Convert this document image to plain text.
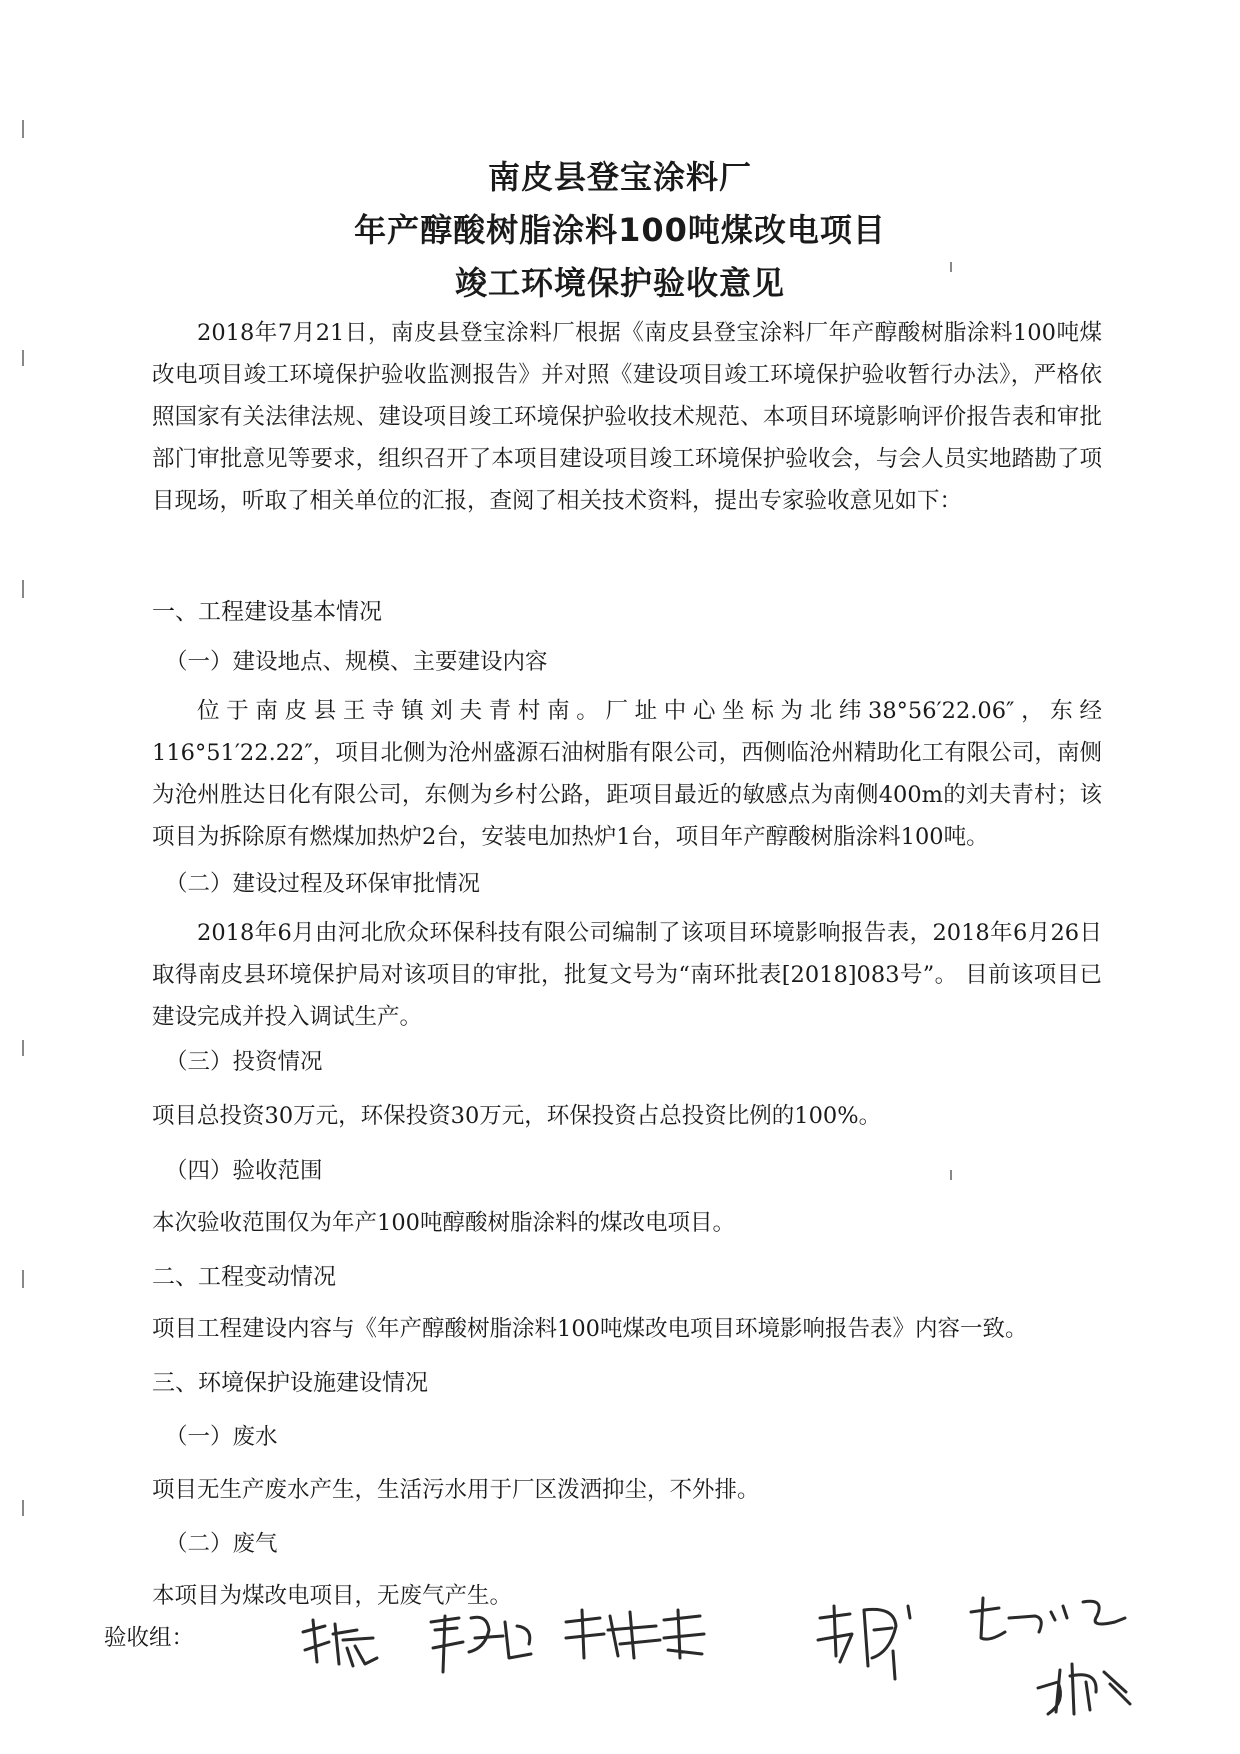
南皮县登宝涂料厂
年产醇酸树脂涂料100吨煤改电项目
竣工环境保护验收意见
2018年7月21日，南皮县登宝涂料厂根据《南皮县登宝涂料厂年产醇酸树脂涂料100吨煤改电项目竣工环境保护验收监测报告》并对照《建设项目竣工环境保护验收暂行办法》，严格依照国家有关法律法规、建设项目竣工环境保护验收技术规范、本项目环境影响评价报告表和审批部门审批意见等要求，组织召开了本项目建设项目竣工环境保护验收会，与会人员实地踏勘了项目现场，听取了相关单位的汇报，查阅了相关技术资料，提出专家验收意见如下：
一、工程建设基本情况
（一）建设地点、规模、主要建设内容
位于南皮县王寺镇刘夫青村南。厂址中心坐标为北纬38°56′22.06″，东经116°51′22.22″，项目北侧为沧州盛源石油树脂有限公司，西侧临沧州精助化工有限公司，南侧为沧州胜达日化有限公司，东侧为乡村公路，距项目最近的敏感点为南侧400m的刘夫青村；该项目为拆除原有燃煤加热炉2台，安装电加热炉1台，项目年产醇酸树脂涂料100吨。
（二）建设过程及环保审批情况
2018年6月由河北欣众环保科技有限公司编制了该项目环境影响报告表，2018年6月26日取得南皮县环境保护局对该项目的审批，批复文号为“南环批表[2018]083号”。 目前该项目已建设完成并投入调试生产。
（三）投资情况
项目总投资30万元，环保投资30万元，环保投资占总投资比例的100%。
（四）验收范围
本次验收范围仅为年产100吨醇酸树脂涂料的煤改电项目。
二、工程变动情况
项目工程建设内容与《年产醇酸树脂涂料100吨煤改电项目环境影响报告表》内容一致。
三、环境保护设施建设情况
（一）废水
项目无生产废水产生，生活污水用于厂区泼洒抑尘，不外排。
（二）废气
本项目为煤改电项目，无废气产生。
验收组：
